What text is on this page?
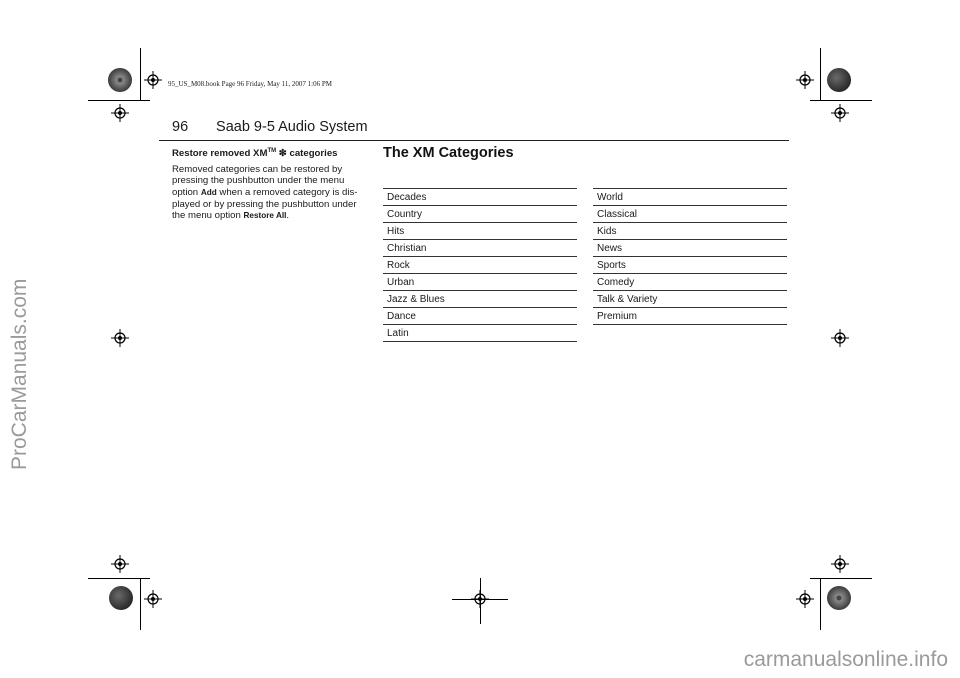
95_US_M08.book Page 96 Friday, May 11, 2007 1:06 PM
96 Saab 9-5 Audio System
Restore removed XM™ ❇ categories

Removed categories can be restored by pressing the pushbutton under the menu option Add when a removed category is dis-played or by pressing the pushbutton under the menu option Restore All.

The XM Categories
Decades
Country
Hits
Christian
Rock
Urban
Jazz & Blues
Dance
Latin
World
Classical
Kids
News
Sports
Comedy
Talk & Variety
Premium
ProCarManuals.com
carmanualsonline.info
